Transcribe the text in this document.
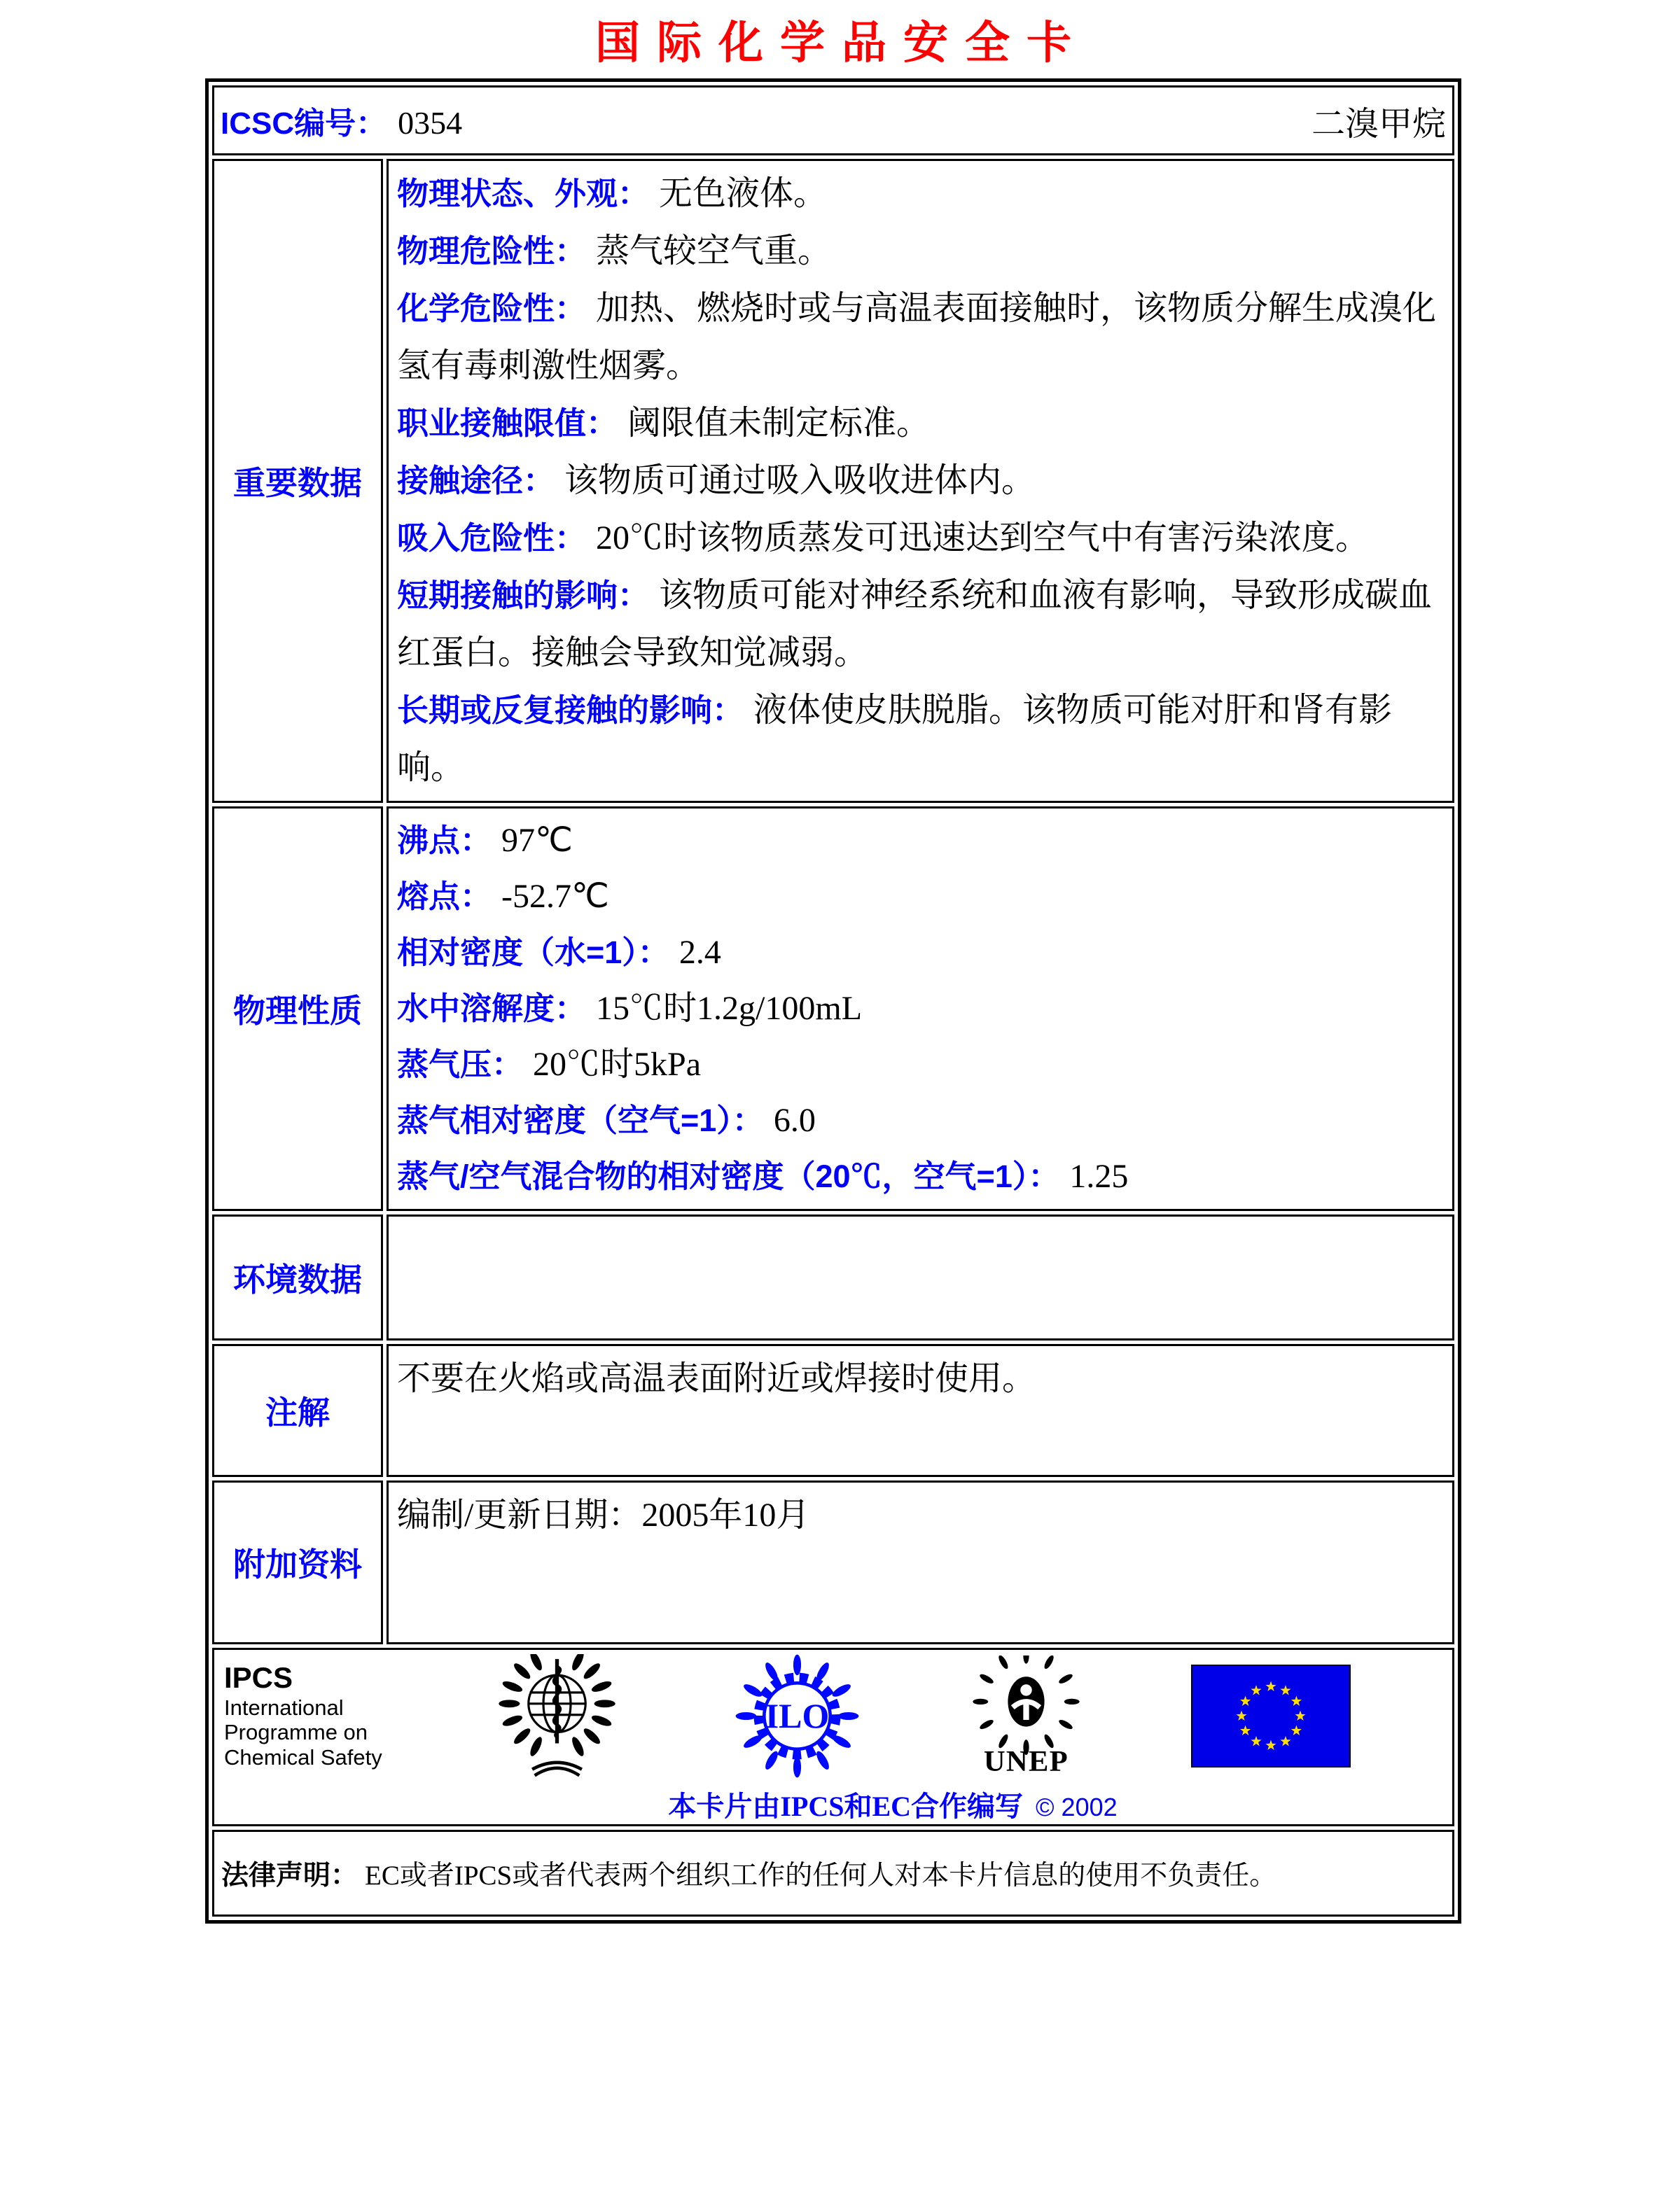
国际化学品安全卡
ICSC编号： 0354 二溴甲烷	

重要数据	
物理状态、外观： 无色液体。
物理危险性： 蒸气较空气重。
化学危险性： 加热、燃烧时或与高温表面接触时，该物质分解生成溴化氢有毒刺激性烟雾。
职业接触限值： 阈限值未制定标准。
接触途径： 该物质可通过吸入吸收进体内。
吸入危险性： 20℃时该物质蒸发可迅速达到空气中有害污染浓度。
短期接触的影响： 该物质可能对神经系统和血液有影响，导致形成碳血红蛋白。接触会导致知觉减弱。
长期或反复接触的影响： 液体使皮肤脱脂。该物质可能对肝和肾有影响。

物理性质	
沸点： 97℃
熔点： -52.7℃
相对密度（水=1）： 2.4
水中溶解度： 15℃时1.2g/100mL
蒸气压： 20℃时5kPa
蒸气相对密度（空气=1）： 6.0
蒸气/空气混合物的相对密度（20℃，空气=1）： 1.25

环境数据	
注解	不要在火焰或高温表面附近或焊接时使用。
附加资料	编制/更新日期：2005年10月

IPCS
International
Programme on
Chemical Safety
ILO
UNEP
本卡片由IPCS和EC合作编写 © 2002

法律声明： EC或者IPCS或者代表两个组织工作的任何人对本卡片信息的使用不负责任。	
